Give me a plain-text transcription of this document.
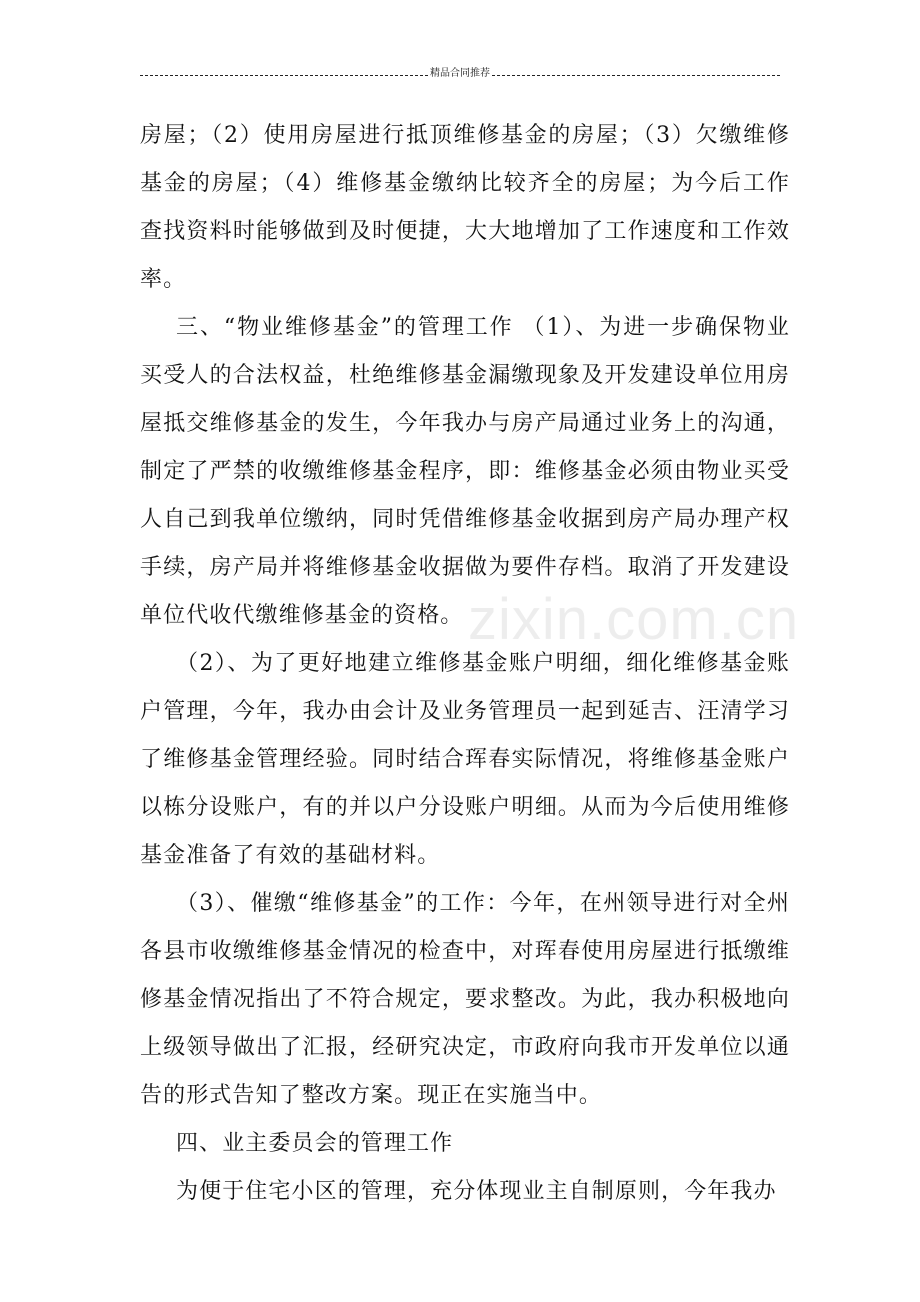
精品合同推荐

房屋；（2）使用房屋进行抵顶维修基金的房屋；（3）欠缴维修基金的房屋；（4）维修基金缴纳比较齐全的房屋；为今后工作查找资料时能够做到及时便捷，大大地增加了工作速度和工作效率。

三、“物业维修基金”的管理工作 （1）、为进一步确保物业买受人的合法权益，杜绝维修基金漏缴现象及开发建设单位用房屋抵交维修基金的发生，今年我办与房产局通过业务上的沟通，制定了严禁的收缴维修基金程序，即：维修基金必须由物业买受人自己到我单位缴纳，同时凭借维修基金收据到房产局办理产权手续，房产局并将维修基金收据做为要件存档。取消了开发建设单位代收代缴维修基金的资格。

（2）、为了更好地建立维修基金账户明细，细化维修基金账户管理，今年，我办由会计及业务管理员一起到延吉、汪清学习了维修基金管理经验。同时结合珲春实际情况，将维修基金账户以栋分设账户，有的并以户分设账户明细。从而为今后使用维修基金准备了有效的基础材料。

（3）、催缴“维修基金”的工作：今年，在州领导进行对全州各县市收缴维修基金情况的检查中，对珲春使用房屋进行抵缴维修基金情况指出了不符合规定，要求整改。为此，我办积极地向上级领导做出了汇报，经研究决定，市政府向我市开发单位以通告的形式告知了整改方案。现正在实施当中。

四、业主委员会的管理工作

为便于住宅小区的管理，充分体现业主自制原则，今年我办

zixin.com.cn
